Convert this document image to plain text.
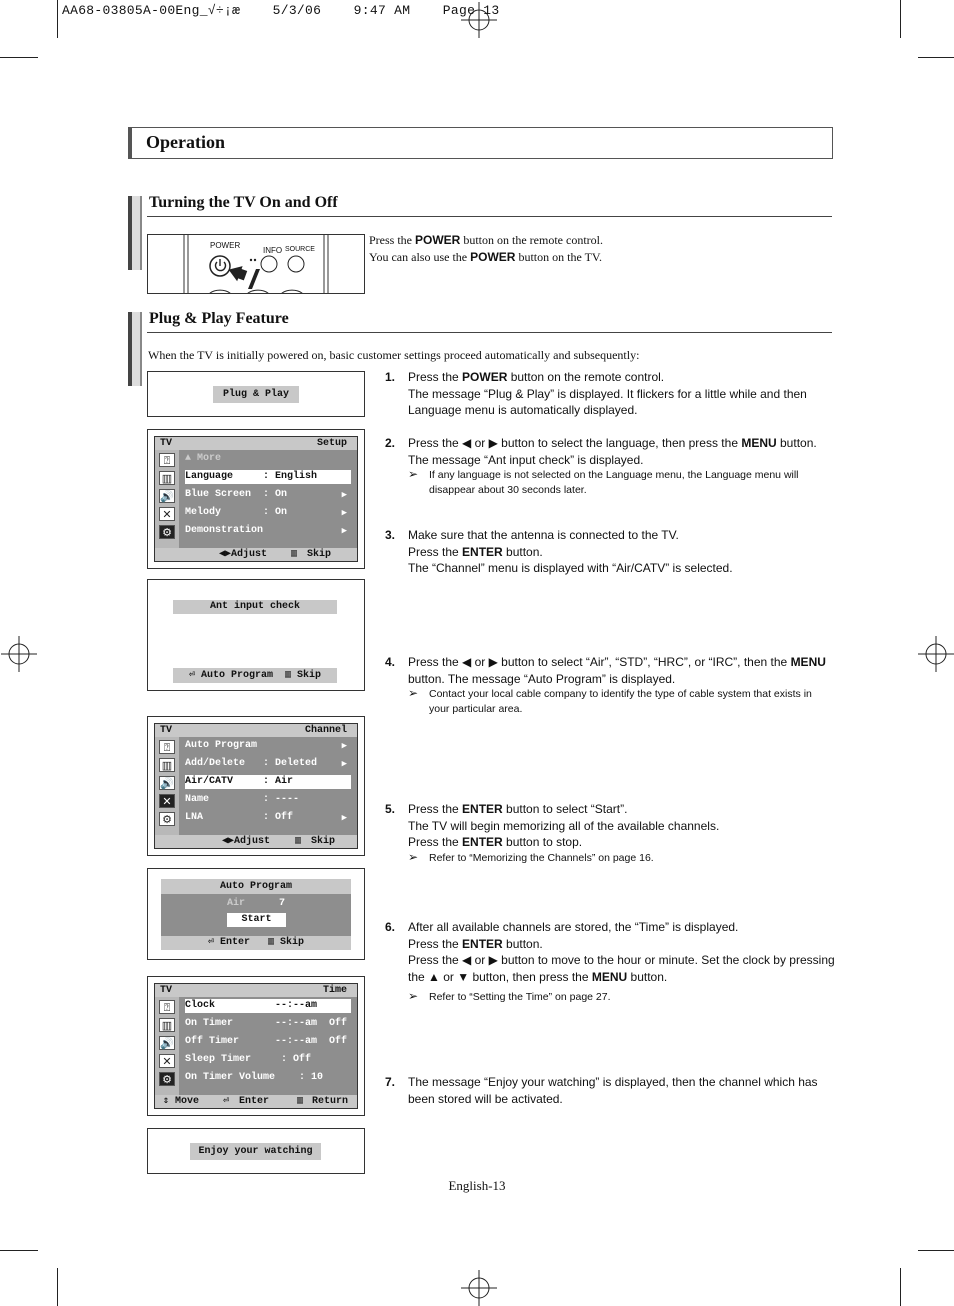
AA68-03805A-00Eng_√÷¡æ    5/3/06    9:47 AM    Page 13
Operation
Turning the TV On and Off
POWER
INFO SOURCE
Press the POWER button on the remote control.
You can also use the POWER button on the TV.
Plug & Play Feature
When the TV is initially powered on, basic customer settings proceed automatically and subsequently:
Plug & Play
TV	Setup
⍰
▥
🔊
✕
⚙
▲ More
Language     : English
Blue Screen  : On	▶
Melody       : On	▶
Demonstration	▶
◀▶Adjust ▥ Skip
Ant input check
⏎ Auto Program  ▥ Skip
TV	Channel
⍰
▥
🔊
✕
⚙
Auto Program	▶
Add/Delete   : Deleted	▶
Air/CATV     : Air
Name         : ----
LNA          : Off	▶
◀▶Adjust ▥ Skip
Auto Program
Air	7
Start
⏎ Enter   ▥ Skip
TV	Time
⍰
▥
🔊
✕
⚙
Clock          --:--am
On Timer       --:--am  Off
Off Timer      --:--am  Off
Sleep Timer     : Off
On Timer Volume    : 10
⇕ Move ⏎ Enter	▥ Return
Enjoy your watching
1. Press the POWER button on the remote control.
The message “Plug & Play” is displayed. It flickers for a little while and then Language menu is automatically displayed.
2. Press the ◀ or ▶ button to select the language, then press the MENU button.
The message “Ant input check” is displayed.
➢ If any language is not selected on the Language menu, the Language menu will disappear about 30 seconds later.
3. Make sure that the antenna is connected to the TV.
Press the ENTER button.
The “Channel” menu is displayed with “Air/CATV” is selected.
4. Press the ◀ or ▶ button to select “Air”, “STD”, “HRC”, or “IRC”, then the MENU button. The message “Auto Program” is displayed.
➢ Contact your local cable company to identify the type of cable system that exists in your particular area.
5. Press the ENTER button to select “Start”.
The TV will begin memorizing all of the available channels.
Press the ENTER button to stop.
➢ Refer to “Memorizing the Channels” on page 16.
6. After all available channels are stored, the “Time” is displayed.
Press the ENTER button.
Press the ◀ or ▶ button to move to the hour or minute. Set the clock by pressing the ▲ or ▼ button, then press the MENU button.
➢ Refer to “Setting the Time” on page 27.
7. The message “Enjoy your watching” is displayed, then the channel which has been stored will be activated.
English-13
